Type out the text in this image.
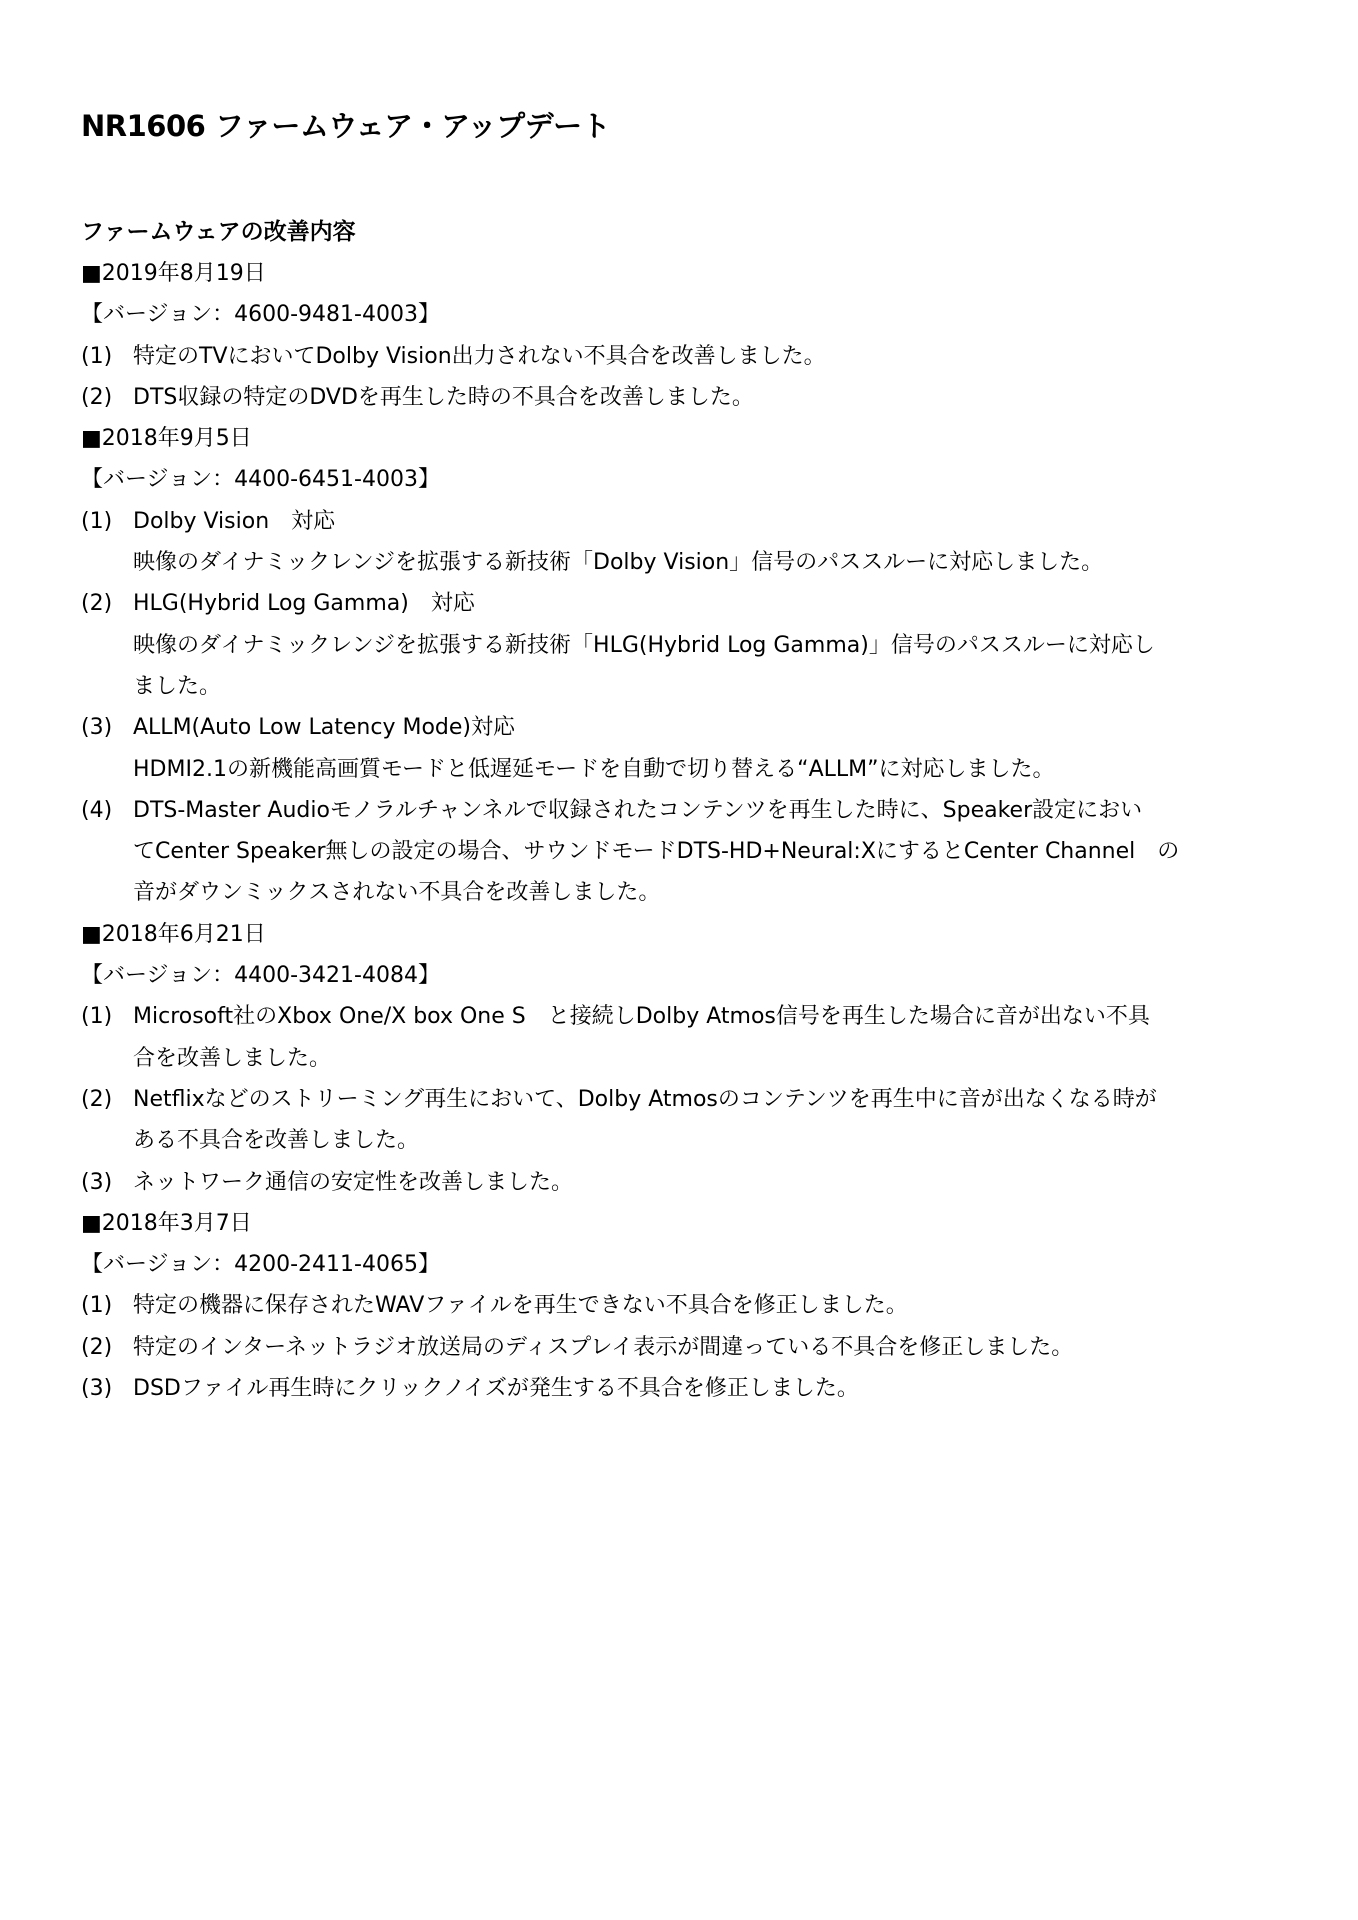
NR1606 ファームウェア・アップデート
ファームウェアの改善内容
■2019年8月19日
【バージョン：4600-9481-4003】
(1) 特定のTVにおいてDolby Vision出力されない不具合を改善しました。
(2) DTS収録の特定のDVDを再生した時の不具合を改善しました。
■2018年9月5日
【バージョン：4400-6451-4003】
(1) Dolby Vision　対応
映像のダイナミックレンジを拡張する新技術「Dolby Vision」信号のパススルーに対応しました。
(2) HLG(Hybrid Log Gamma)　対応
映像のダイナミックレンジを拡張する新技術「HLG(Hybrid Log Gamma)」信号のパススルーに対応し
ました。
(3) ALLM(Auto Low Latency Mode)対応
HDMI2.1の新機能高画質モードと低遅延モードを自動で切り替える“ALLM”に対応しました。
(4) DTS-Master Audioモノラルチャンネルで収録されたコンテンツを再生した時に、Speaker設定におい
てCenter Speaker無しの設定の場合、サウンドモードDTS-HD+Neural:XにするとCenter Channel　の
音がダウンミックスされない不具合を改善しました。
■2018年6月21日
【バージョン：4400-3421-4084】
(1) Microsoft社のXbox One/X box One S　と接続しDolby Atmos信号を再生した場合に音が出ない不具
合を改善しました。
(2) Netflixなどのストリーミング再生において、Dolby Atmosのコンテンツを再生中に音が出なくなる時が
ある不具合を改善しました。
(3) ネットワーク通信の安定性を改善しました。
■2018年3月7日
【バージョン：4200-2411-4065】
(1) 特定の機器に保存されたWAVファイルを再生できない不具合を修正しました。
(2) 特定のインターネットラジオ放送局のディスプレイ表示が間違っている不具合を修正しました。
(3) DSDファイル再生時にクリックノイズが発生する不具合を修正しました。
